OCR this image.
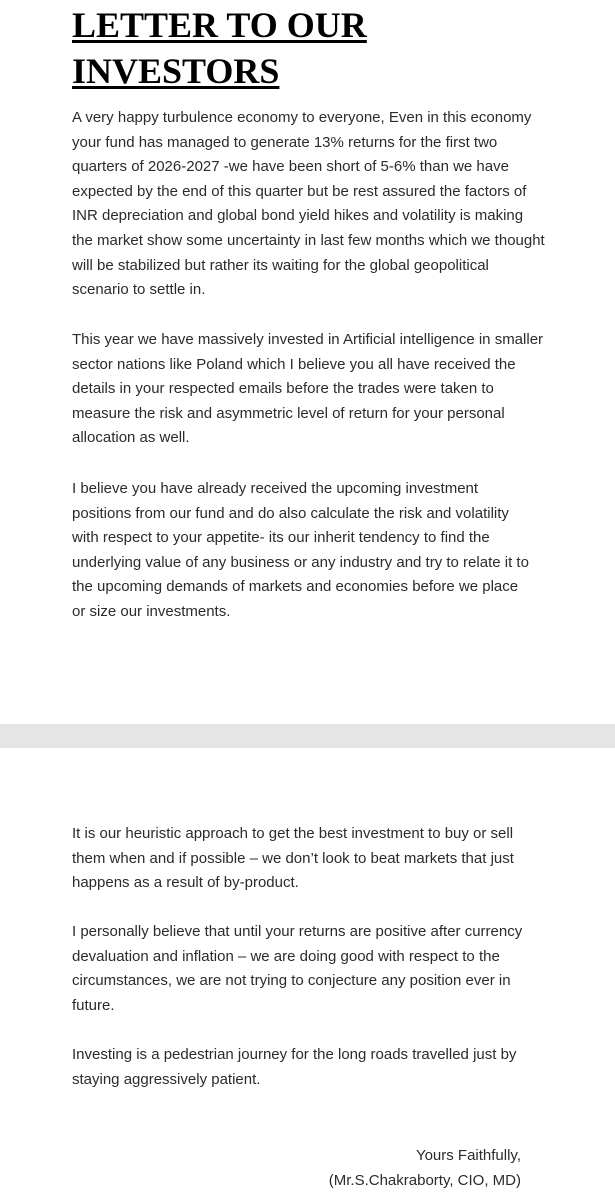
LETTER TO OUR INVESTORS

A very happy turbulence economy to everyone, Even in this economy your fund has managed to generate 13% returns for the first two quarters of 2026-2027 -we have been short of 5-6% than we have expected by the end of this quarter but be rest assured the factors of INR depreciation and global bond yield hikes and volatility is making the market show some uncertainty in last few months which we thought will be stabilized but rather its waiting for the global geopolitical scenario to settle in.

This year we have massively invested in Artificial intelligence in smaller sector nations like Poland which I believe you all have received the details in your respected emails before the trades were taken to measure the risk and asymmetric level of return for your personal allocation as well.

I believe you have already received the upcoming investment positions from our fund and do also calculate the risk and volatility with respect to your appetite- its our inherit tendency to find the underlying value of any business or any industry and try to relate it to the upcoming demands of markets and economies before we place or size our investments.

It is our heuristic approach to get the best investment to buy or sell them when and if possible – we don’t look to beat markets that just happens as a result of by-product.

I personally believe that until your returns are positive after currency devaluation and inflation – we are doing good with respect to the circumstances, we are not trying to conjecture any position ever in future.

Investing is a pedestrian journey for the long roads travelled just by staying aggressively patient.

Yours Faithfully,

(Mr.S.Chakraborty, CIO, MD)
